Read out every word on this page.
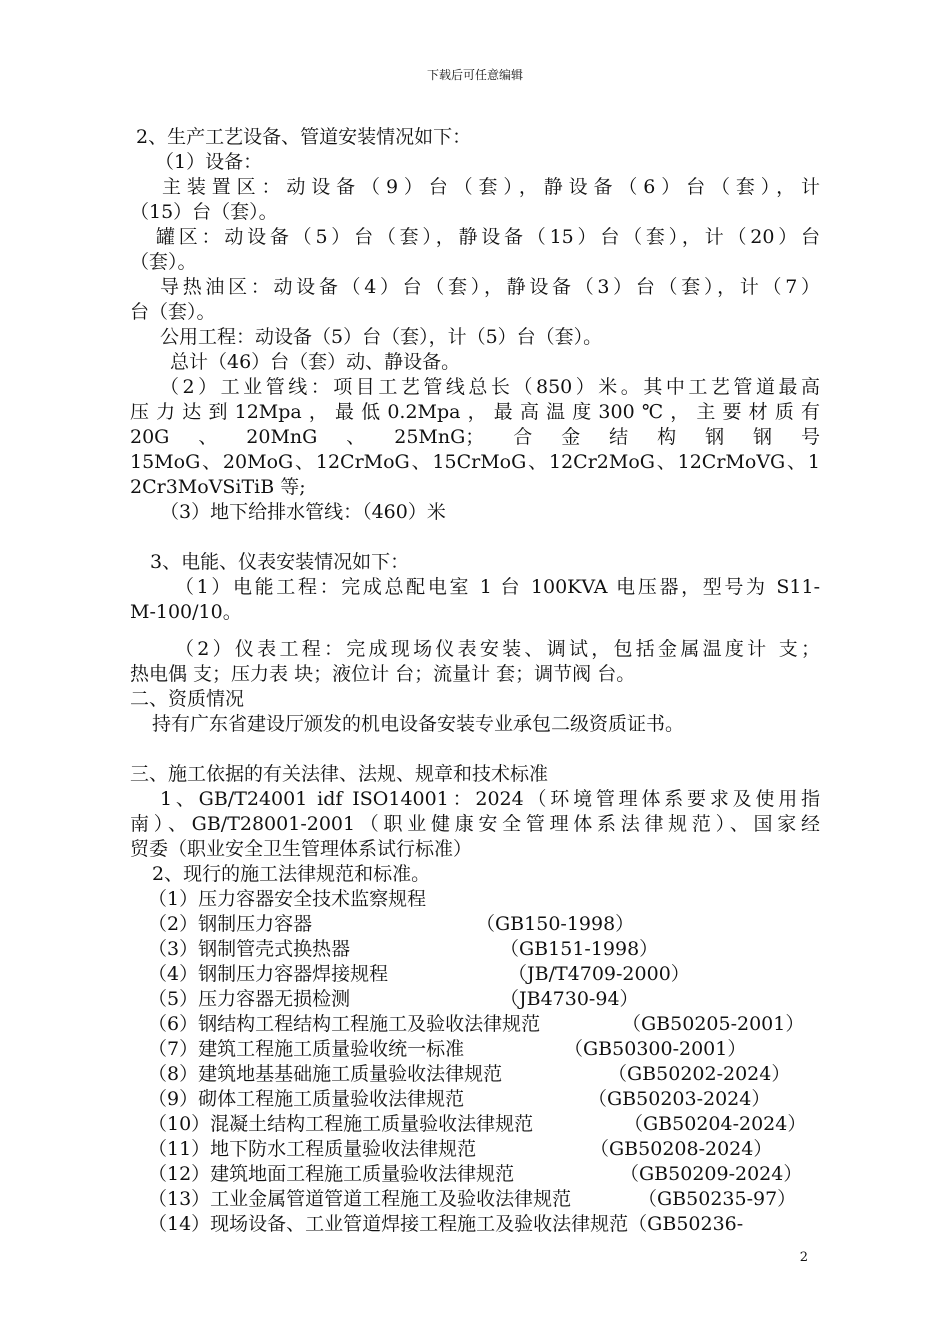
下载后可任意编辑
2、生产工艺设备、管道安装情况如下：
（1）设备：
主装置区：动设备（9）台（套），静设备（6）台（套），计
（15）台（套）。
罐区：动设备（5）台（套），静设备（15）台（套），计（20）台
（套）。
导热油区：动设备（4）台（套），静设备（3）台（套），计（7）
台（套）。
公用工程：动设备（5）台（套），计（5）台（套）。
总计（46）台（套）动、静设备。
（2）工业管线：项目工艺管线总长（850）米。其中工艺管道最高
压力达到12Mpa，最低0.2Mpa，最高温度300℃，主要材质有
20G、20MnG、25MnG；合金结构钢钢号
15MoG、20MoG、12CrMoG、15CrMoG、12Cr2MoG、12CrMoVG、1
2Cr3MoVSiTiB 等;
（3）地下给排水管线：（460）米
3、电能、仪表安装情况如下：
（1）电能工程：完成总配电室 1 台 100KVA 电压器，型号为 S11-
M-100/10。
（2）仪表工程：完成现场仪表安装、调试，包括金属温度计 支；
热电偶 支；压力表 块；液位计 台；流量计 套；调节阀 台。
二、资质情况
持有广东省建设厅颁发的机电设备安装专业承包二级资质证书。
三、施工依据的有关法律、法规、规章和技术标准
1、GB/T24001 idf ISO14001：2024（环境管理体系要求及使用指
南）、GB/T28001-2001（职业健康安全管理体系法律规范）、国家经
贸委（职业安全卫生管理体系试行标准）
2、现行的施工法律规范和标准。
（1）压力容器安全技术监察规程
（2）钢制压力容器	（GB150-1998）
（3）钢制管壳式换热器	（GB151-1998）
（4）钢制压力容器焊接规程	（JB/T4709-2000）
（5）压力容器无损检测	（JB4730-94）
（6）钢结构工程结构工程施工及验收法律规范	（GB50205-2001）
（7）建筑工程施工质量验收统一标准	（GB50300-2001）
（8）建筑地基基础施工质量验收法律规范	（GB50202-2024）
（9）砌体工程施工质量验收法律规范	（GB50203-2024）
（10）混凝土结构工程施工质量验收法律规范	（GB50204-2024）
（11）地下防水工程质量验收法律规范	（GB50208-2024）
（12）建筑地面工程施工质量验收法律规范	（GB50209-2024）
（13）工业金属管道管道工程施工及验收法律规范	（GB50235-97）
（14）现场设备、工业管道焊接工程施工及验收法律规范（GB50236-
2
